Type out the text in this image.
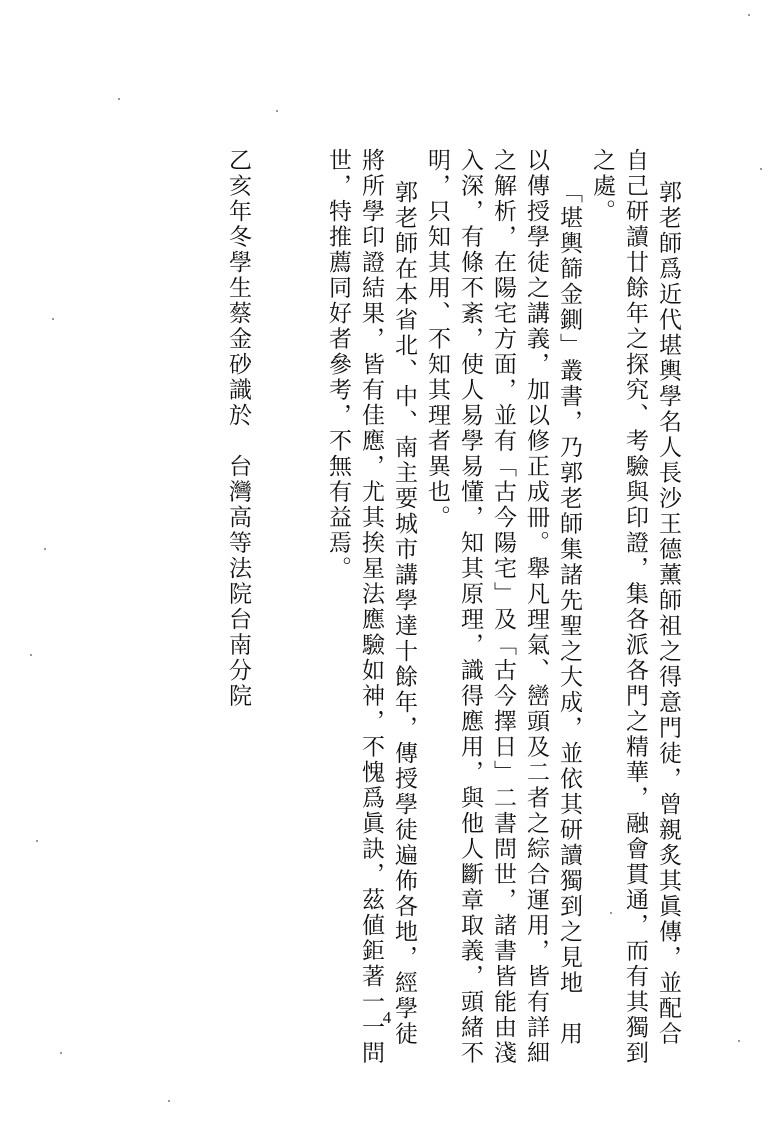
郭老師爲近代堪輿學名人長沙王德薰師祖之得意門徒，曾親炙其眞傳，並配合
自己研讀廿餘年之探究、考驗與印證，集各派各門之精華，融會貫通，而有其獨到
之處。
「堪輿篩金鍘」叢書，乃郭老師集諸先聖之大成，並依其研讀獨到之見地　用
以傳授學徒之講義，加以修正成冊。舉凡理氣、巒頭及二者之綜合運用，皆有詳細
之解析，在陽宅方面，並有「古今陽宅」及「古今擇日」二書問世，諸書皆能由淺
入深，有條不紊，使人易學易懂，知其原理，識得應用，與他人斷章取義，頭緒不
明，只知其用、不知其理者異也。
郭老師在本省北、中、南主要城市講學達十餘年，傳授學徒遍佈各地，經學徒
將所學印證結果，皆有佳應，尤其挨星法應驗如神，不愧爲眞訣，茲値鉅著一一問
世，特推薦同好者參考，不無有益焉。
乙亥年冬學生蔡金砂識於　台灣高等法院台南分院
4
